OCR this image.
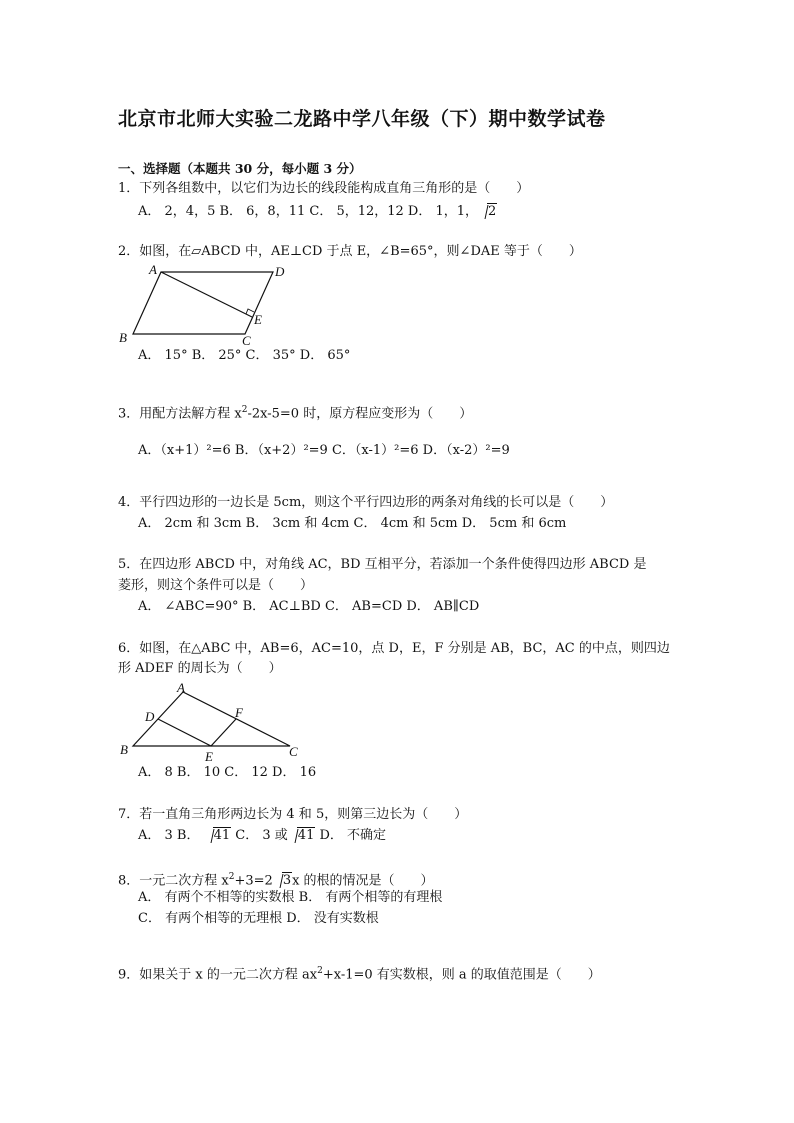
北京市北师大实验二龙路中学八年级（下）期中数学试卷
一、选择题（本题共 30 分，每小题 3 分）
1．下列各组数中，以它们为边长的线段能构成直角三角形的是（　　）
A． 2，4，5 B． 6，8，11 C． 5，12，12 D． 1，1， 2
2．如图，在▱ABCD 中，AE⊥CD 于点 E，∠B=65°，则∠DAE 等于（　　）
A	D
B	C
E
A． 15° B． 25° C． 35° D． 65°
3．用配方法解方程 $x^2-2x-5=0$ 时，原方程应变形为（　　）
A．（x+1）²=6 B．（x+2）²=9 C．（x-1）²=6 D．（x-2）²=9
4．平行四边形的一边长是 5cm，则这个平行四边形的两条对角线的长可以是（　　）
A． 2cm 和 3cm B． 3cm 和 4cm C． 4cm 和 5cm D． 5cm 和 6cm
5．在四边形 ABCD 中，对角线 AC，BD 互相平分，若添加一个条件使得四边形 ABCD 是
菱形，则这个条件可以是（　　）
A． ∠ABC=90° B． AC⊥BD C． AB=CD D． AB∥CD
6．如图，在△ABC 中，AB=6，AC=10，点 D，E，F 分别是 AB，BC，AC 的中点，则四边
形 ADEF 的周长为（　　）
A
B	C
D
E
F
A． 8 B． 10 C． 12 D． 16
7．若一直角三角形两边长为 4 和 5，则第三边长为（　　）
A． 3 B． 41 C． 3 或 41 D． 不确定
8．一元二次方程 $x^2+3=2$ 3x 的根的情况是（　　）
A． 有两个不相等的实数根 B． 有两个相等的有理根
C． 有两个相等的无理根 D． 没有实数根
9．如果关于 x 的一元二次方程 $ax^2+x-1=0$ 有实数根，则 a 的取值范围是（　　）
